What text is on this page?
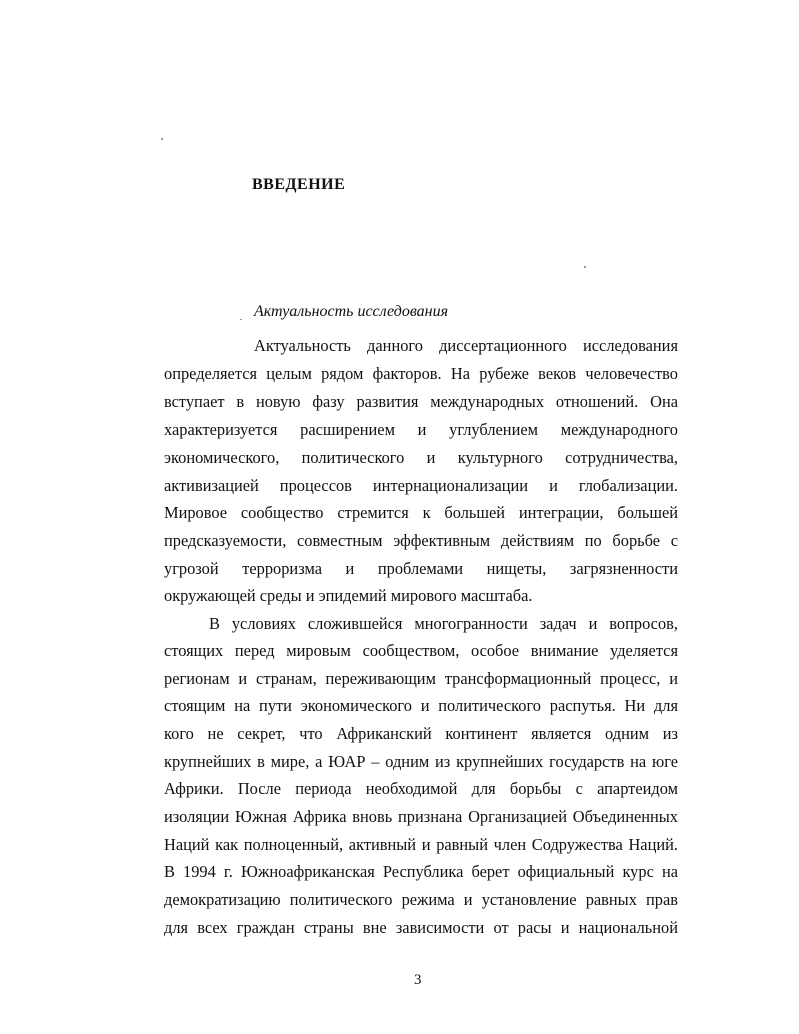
ВВЕДЕНИЕ

Актуальность исследования

Актуальность данного диссертационного исследования

определяется целым рядом факторов. На рубеже веков человечество

вступает в новую фазу развития международных отношений. Она

характеризуется расширением и углублением международного

экономического, политического и культурного сотрудничества,

активизацией процессов интернационализации и глобализации.

Мировое сообщество стремится к большей интеграции, большей

предсказуемости, совместным эффективным действиям по борьбе с

угрозой терроризма и проблемами нищеты, загрязненности

окружающей среды и эпидемий мирового масштаба.

В условиях сложившейся многогранности задач и вопросов,

стоящих перед мировым сообществом, особое внимание уделяется

регионам и странам, переживающим трансформационный процесс, и

стоящим на пути экономического и политического распутья. Ни для

кого не секрет, что Африканский континент является одним из

крупнейших в мире, а ЮАР – одним из крупнейших государств на юге

Африки. После периода необходимой для борьбы с апартеидом

изоляции Южная Африка вновь признана Организацией Объединенных

Наций как полноценный, активный и равный член Содружества Наций.

В 1994 г. Южноафриканская Республика берет официальный курс на

демократизацию политического режима и установление равных прав

для всех граждан страны вне зависимости от расы и национальной

3
